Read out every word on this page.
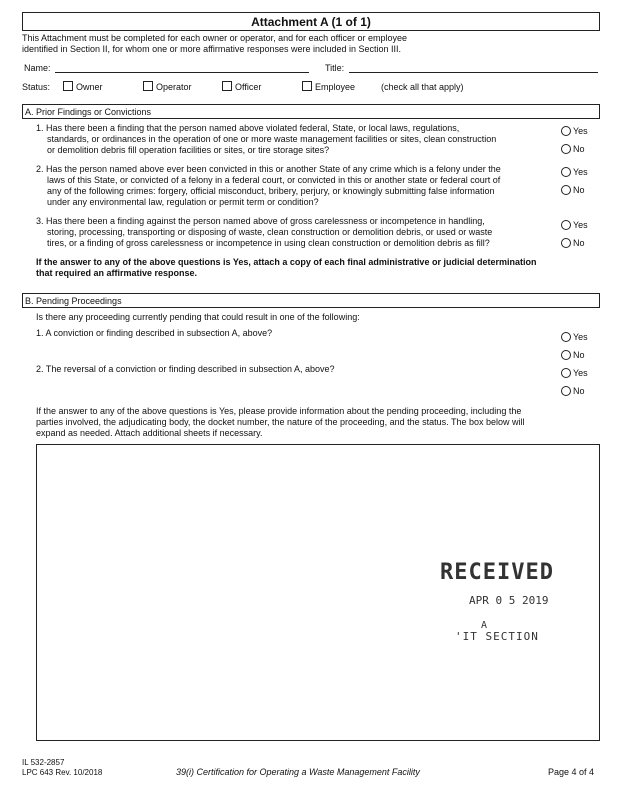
Attachment A (1 of 1)
This Attachment must be completed for each owner or operator, and for each officer or employee
identified in Section II, for whom one or more affirmative responses were included in Section III.
Name:	Title:
Status:	Owner	Operator	Officer	Employee	(check all that apply)
A. Prior Findings or Convictions
1. Has there been a finding that the person named above violated federal, State, or local laws, regulations,
standards, or ordinances in the operation of one or more waste management facilities or sites, clean construction
or demolition debris fill operation facilities or sites, or tire storage sites?
Yes
No
2. Has the person named above ever been convicted in this or another State of any crime which is a felony under the
laws of this State, or convicted of a felony in a federal court, or convicted in this or another state or federal court of
any of the following crimes: forgery, official misconduct, bribery, perjury, or knowingly submitting false information
under any environmental law, regulation or permit term or condition?
Yes
No
3. Has there been a finding against the person named above of gross carelessness or incompetence in handling,
storing, processing, transporting or disposing of waste, clean construction or demolition debris, or used or waste
tires, or a finding of gross carelessness or incompetence in using clean construction or demolition debris as fill?
Yes
No
If the answer to any of the above questions is Yes, attach a copy of each final administrative or judicial determination
that required an affirmative response.
B. Pending Proceedings
Is there any proceeding currently pending that could result in one of the following:
1. A conviction or finding described in subsection A, above?	Yes
No
2. The reversal of a conviction or finding described in subsection A, above?	Yes
No
If the answer to any of the above questions is Yes, please provide information about the pending proceeding, including the
parties involved, the adjudicating body, the docket number, the nature of the proceeding, and the status. The box below will
expand as needed. Attach additional sheets if necessary.
RECEIVED
APR 0 5 2019
A
'IT SECTION
IL 532-2857
LPC 643 Rev. 10/2018	39(i) Certification for Operating a Waste Management Facility	Page 4 of 4
